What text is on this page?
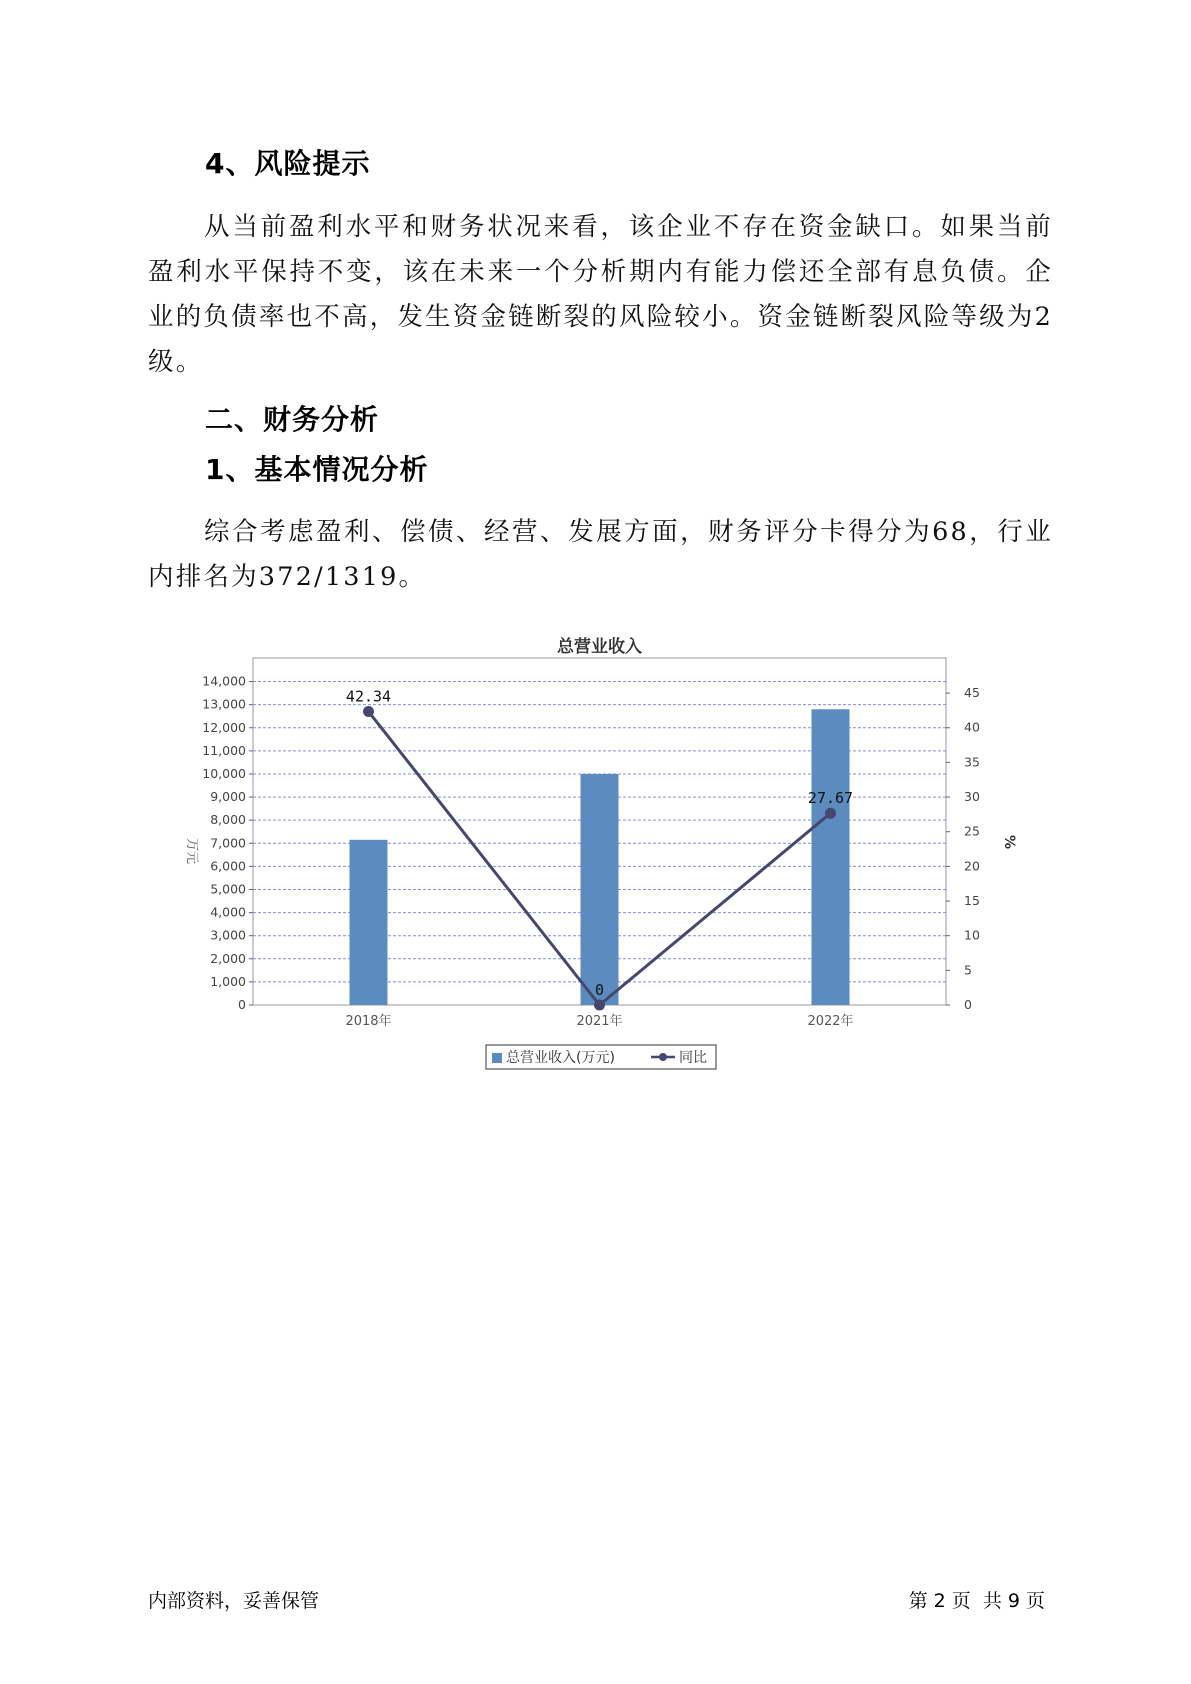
4、风险提示

从当前盈利水平和财务状况来看，该企业不存在资金缺口。如果当前盈利水平保持不变，该在未来一个分析期内有能力偿还全部有息负债。企业的负债率也不高，发生资金链断裂的风险较小。资金链断裂风险等级为2级。

二、财务分析
1、基本情况分析

综合考虑盈利、偿债、经营、发展方面，财务评分卡得分为68，行业内排名为372/1319。

总营业收入
0
1,000
2,000
3,000
4,000
5,000
6,000
7,000
8,000
9,000
10,000
11,000
12,000
13,000
14,000
0
5
10
15
20
25
30
35
40
45
万元	%
2018年	2021年	2022年
42.34
0
27.67
总营业收入(万元)	同比
内部资料，妥善保管	第 2 页  共 9 页
